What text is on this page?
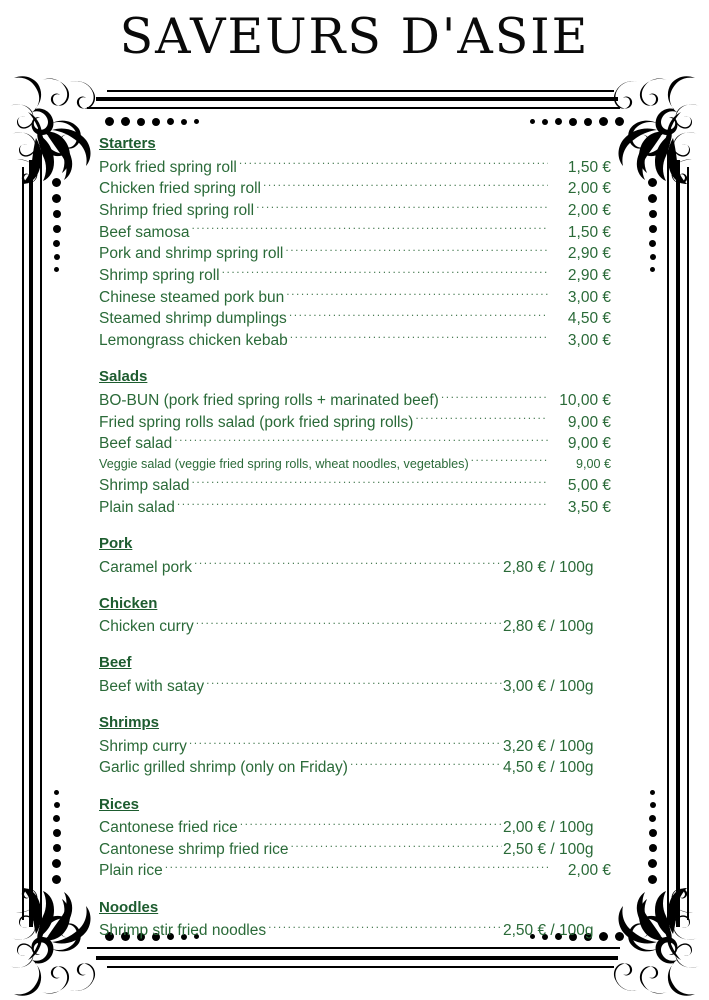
SAVEURS D'ASIE
Starters
Pork fried spring roll .....	1,50 €
Chicken fried spring roll .....	2,00 €
Shrimp fried spring roll .....	2,00 €
Beef samosa .....	1,50 €
Pork and shrimp spring roll .....	2,90 €
Shrimp spring roll .....	2,90 €
Chinese steamed pork bun .....	3,00 €
Steamed shrimp dumplings .....	4,50 €
Lemongrass chicken kebab .....	3,00 €
Salads
BO-BUN (pork fried spring rolls + marinated beef) .....	10,00 €
Fried spring rolls salad (pork fried spring rolls) .....	9,00 €
Beef salad .....	9,00 €
Veggie salad (veggie fried spring rolls, wheat noodles, vegetables) .....	9,00 €
Shrimp salad .....	5,00 €
Plain salad .....	3,50 €
Pork
Caramel pork .....	2,80 € / 100g
Chicken
Chicken curry .....	2,80 € / 100g
Beef
Beef with satay .....	3,00 € / 100g
Shrimps
Shrimp curry .....	3,20 € / 100g
Garlic grilled shrimp (only on Friday) .....	4,50 € / 100g
Rices
Cantonese fried rice .....	2,00 € / 100g
Cantonese shrimp fried rice .....	2,50 € / 100g
Plain rice .....	2,00 €
Noodles
Shrimp stir fried noodles .....	2,50 € / 100g
